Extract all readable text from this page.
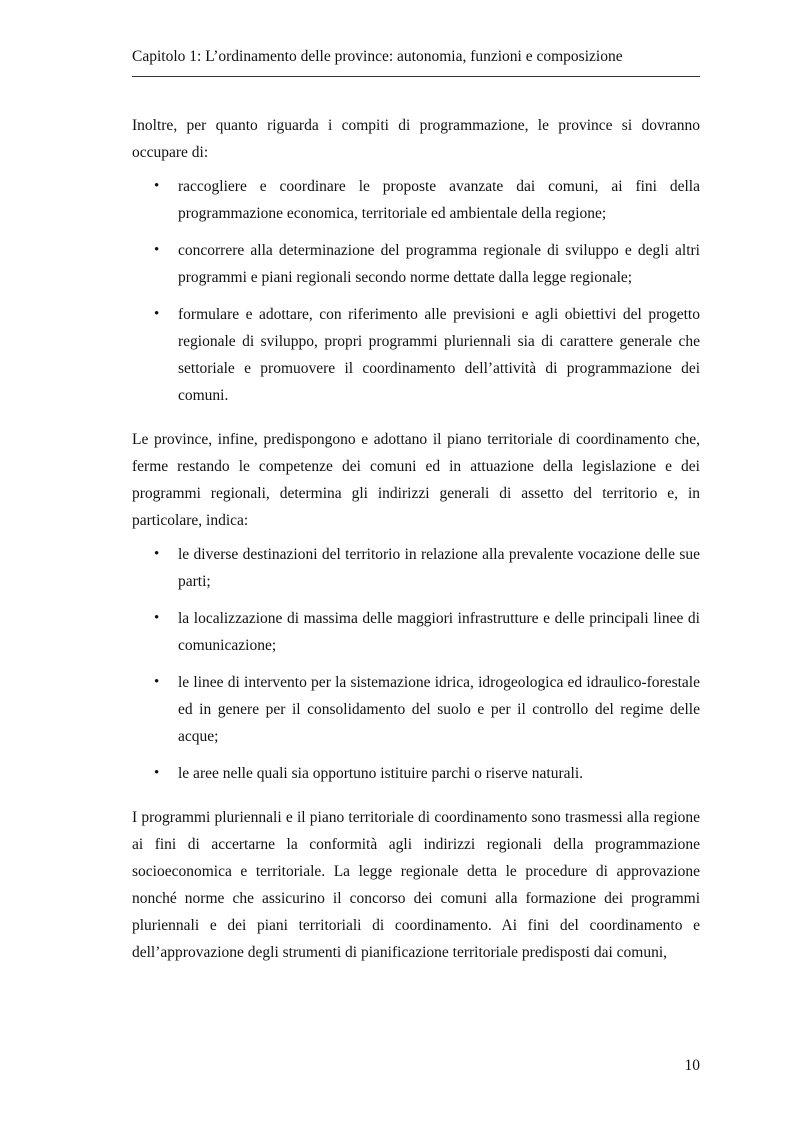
Capitolo 1: L’ordinamento delle province: autonomia, funzioni e composizione

Inoltre, per quanto riguarda i compiti di programmazione, le province si dovranno occupare di:

• raccogliere e coordinare le proposte avanzate dai comuni, ai fini della programmazione economica, territoriale ed ambientale della regione;
• concorrere alla determinazione del programma regionale di sviluppo e degli altri programmi e piani regionali secondo norme dettate dalla legge regionale;
• formulare e adottare, con riferimento alle previsioni e agli obiettivi del progetto regionale di sviluppo, propri programmi pluriennali sia di carattere generale che settoriale e promuovere il coordinamento dell’attività di programmazione dei comuni.

Le province, infine, predispongono e adottano il piano territoriale di coordinamento che, ferme restando le competenze dei comuni ed in attuazione della legislazione e dei programmi regionali, determina gli indirizzi generali di assetto del territorio e, in particolare, indica:

• le diverse destinazioni del territorio in relazione alla prevalente vocazione delle sue parti;
• la localizzazione di massima delle maggiori infrastrutture e delle principali linee di comunicazione;
• le linee di intervento per la sistemazione idrica, idrogeologica ed idraulico-forestale ed in genere per il consolidamento del suolo e per il controllo del regime delle acque;
• le aree nelle quali sia opportuno istituire parchi o riserve naturali.

I programmi pluriennali e il piano territoriale di coordinamento sono trasmessi alla regione ai fini di accertarne la conformità agli indirizzi regionali della programmazione socioeconomica e territoriale. La legge regionale detta le procedure di approvazione nonché norme che assicurino il concorso dei comuni alla formazione dei programmi pluriennali e dei piani territoriali di coordinamento. Ai fini del coordinamento e dell’approvazione degli strumenti di pianificazione territoriale predisposti dai comuni,

10
